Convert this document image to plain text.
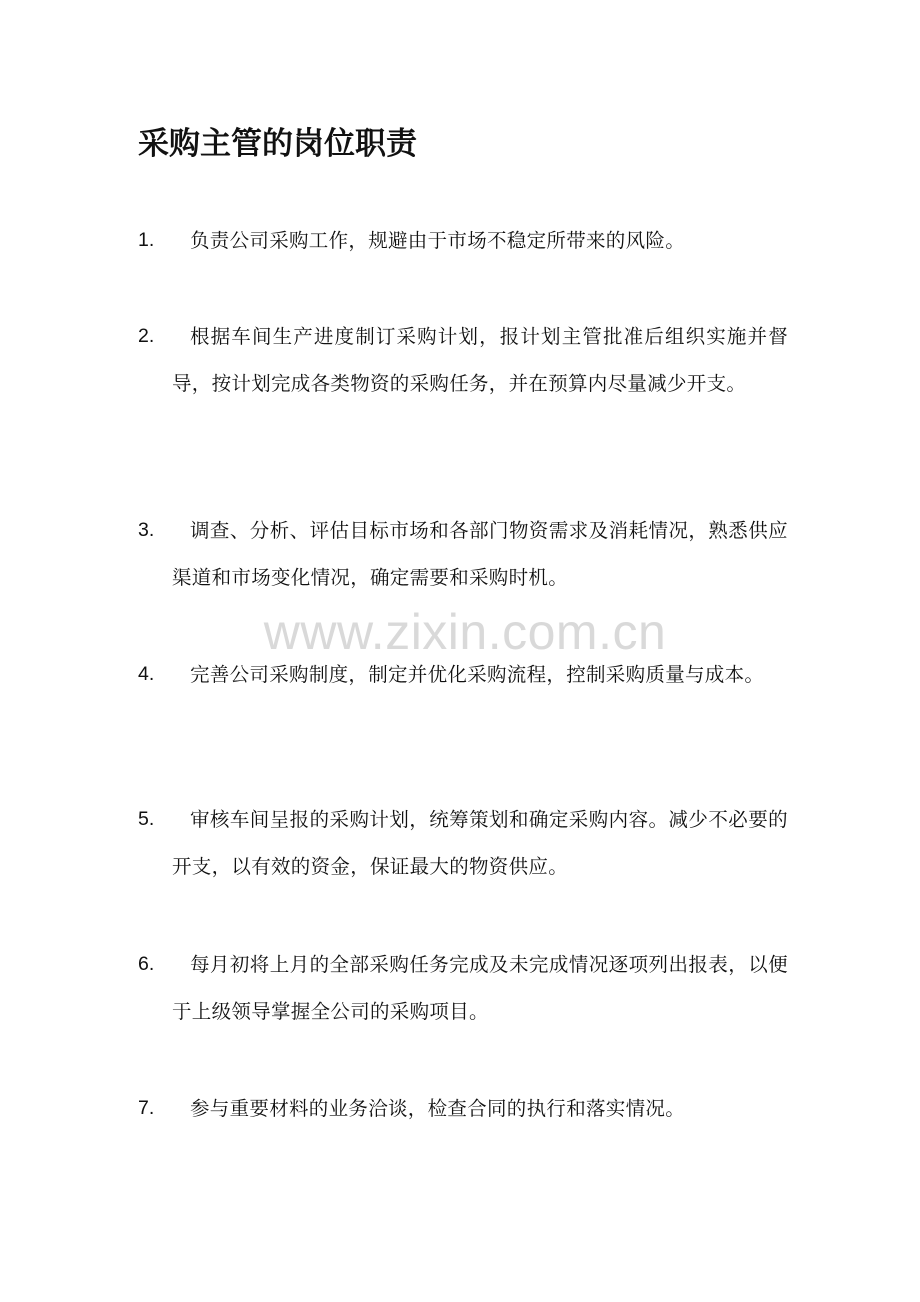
采购主管的岗位职责
1.	负责公司采购工作，规避由于市场不稳定所带来的风险。
2.	根据车间生产进度制订采购计划，报计划主管批准后组织实施并督导，按计划完成各类物资的采购任务，并在预算内尽量减少开支。
3.	调查、分析、评估目标市场和各部门物资需求及消耗情况，熟悉供应渠道和市场变化情况，确定需要和采购时机。
4.	完善公司采购制度，制定并优化采购流程，控制采购质量与成本。
5.	审核车间呈报的采购计划，统筹策划和确定采购内容。减少不必要的开支，以有效的资金，保证最大的物资供应。
6.	每月初将上月的全部采购任务完成及未完成情况逐项列出报表，以便于上级领导掌握全公司的采购项目。
7.	参与重要材料的业务洽谈，检查合同的执行和落实情况。
www.zixin.com.cn
